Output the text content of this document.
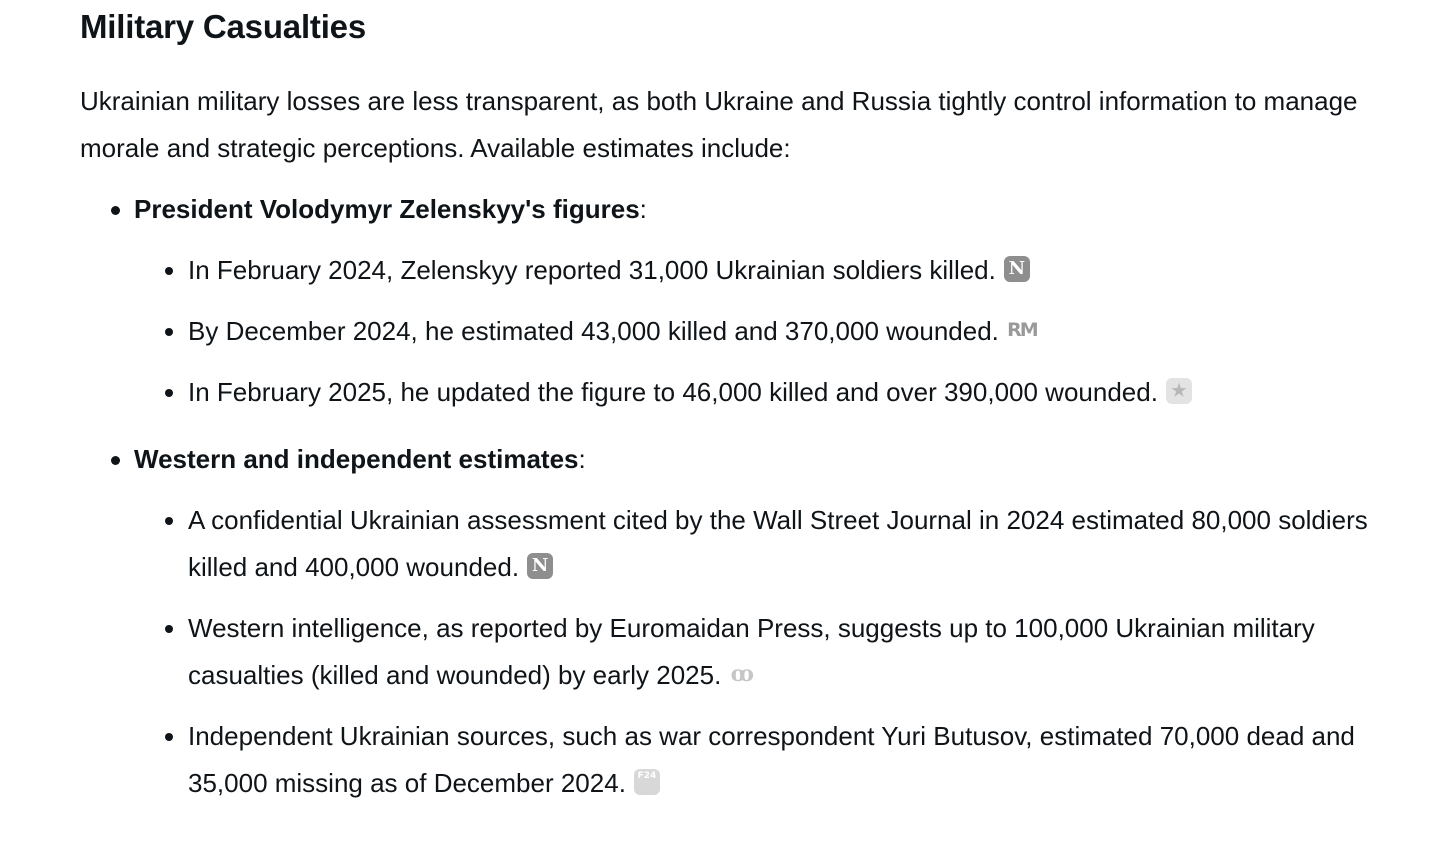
Military Casualties

Ukrainian military losses are less transparent, as both Ukraine and Russia tightly control information to manage morale and strategic perceptions. Available estimates include:

President Volodymyr Zelenskyy's figures:
In February 2024, Zelenskyy reported 31,000 Ukrainian soldiers killed. N
By December 2024, he estimated 43,000 killed and 370,000 wounded. RM
In February 2025, he updated the figure to 46,000 killed and over 390,000 wounded. ★
Western and independent estimates:
A confidential Ukrainian assessment cited by the Wall Street Journal in 2024 estimated 80,000 soldiers killed and 400,000 wounded. N
Western intelligence, as reported by Euromaidan Press, suggests up to 100,000 Ukrainian military casualties (killed and wounded) by early 2025. ꝏ
Independent Ukrainian sources, such as war correspondent Yuri Butusov, estimated 70,000 dead and 35,000 missing as of December 2024. F24
